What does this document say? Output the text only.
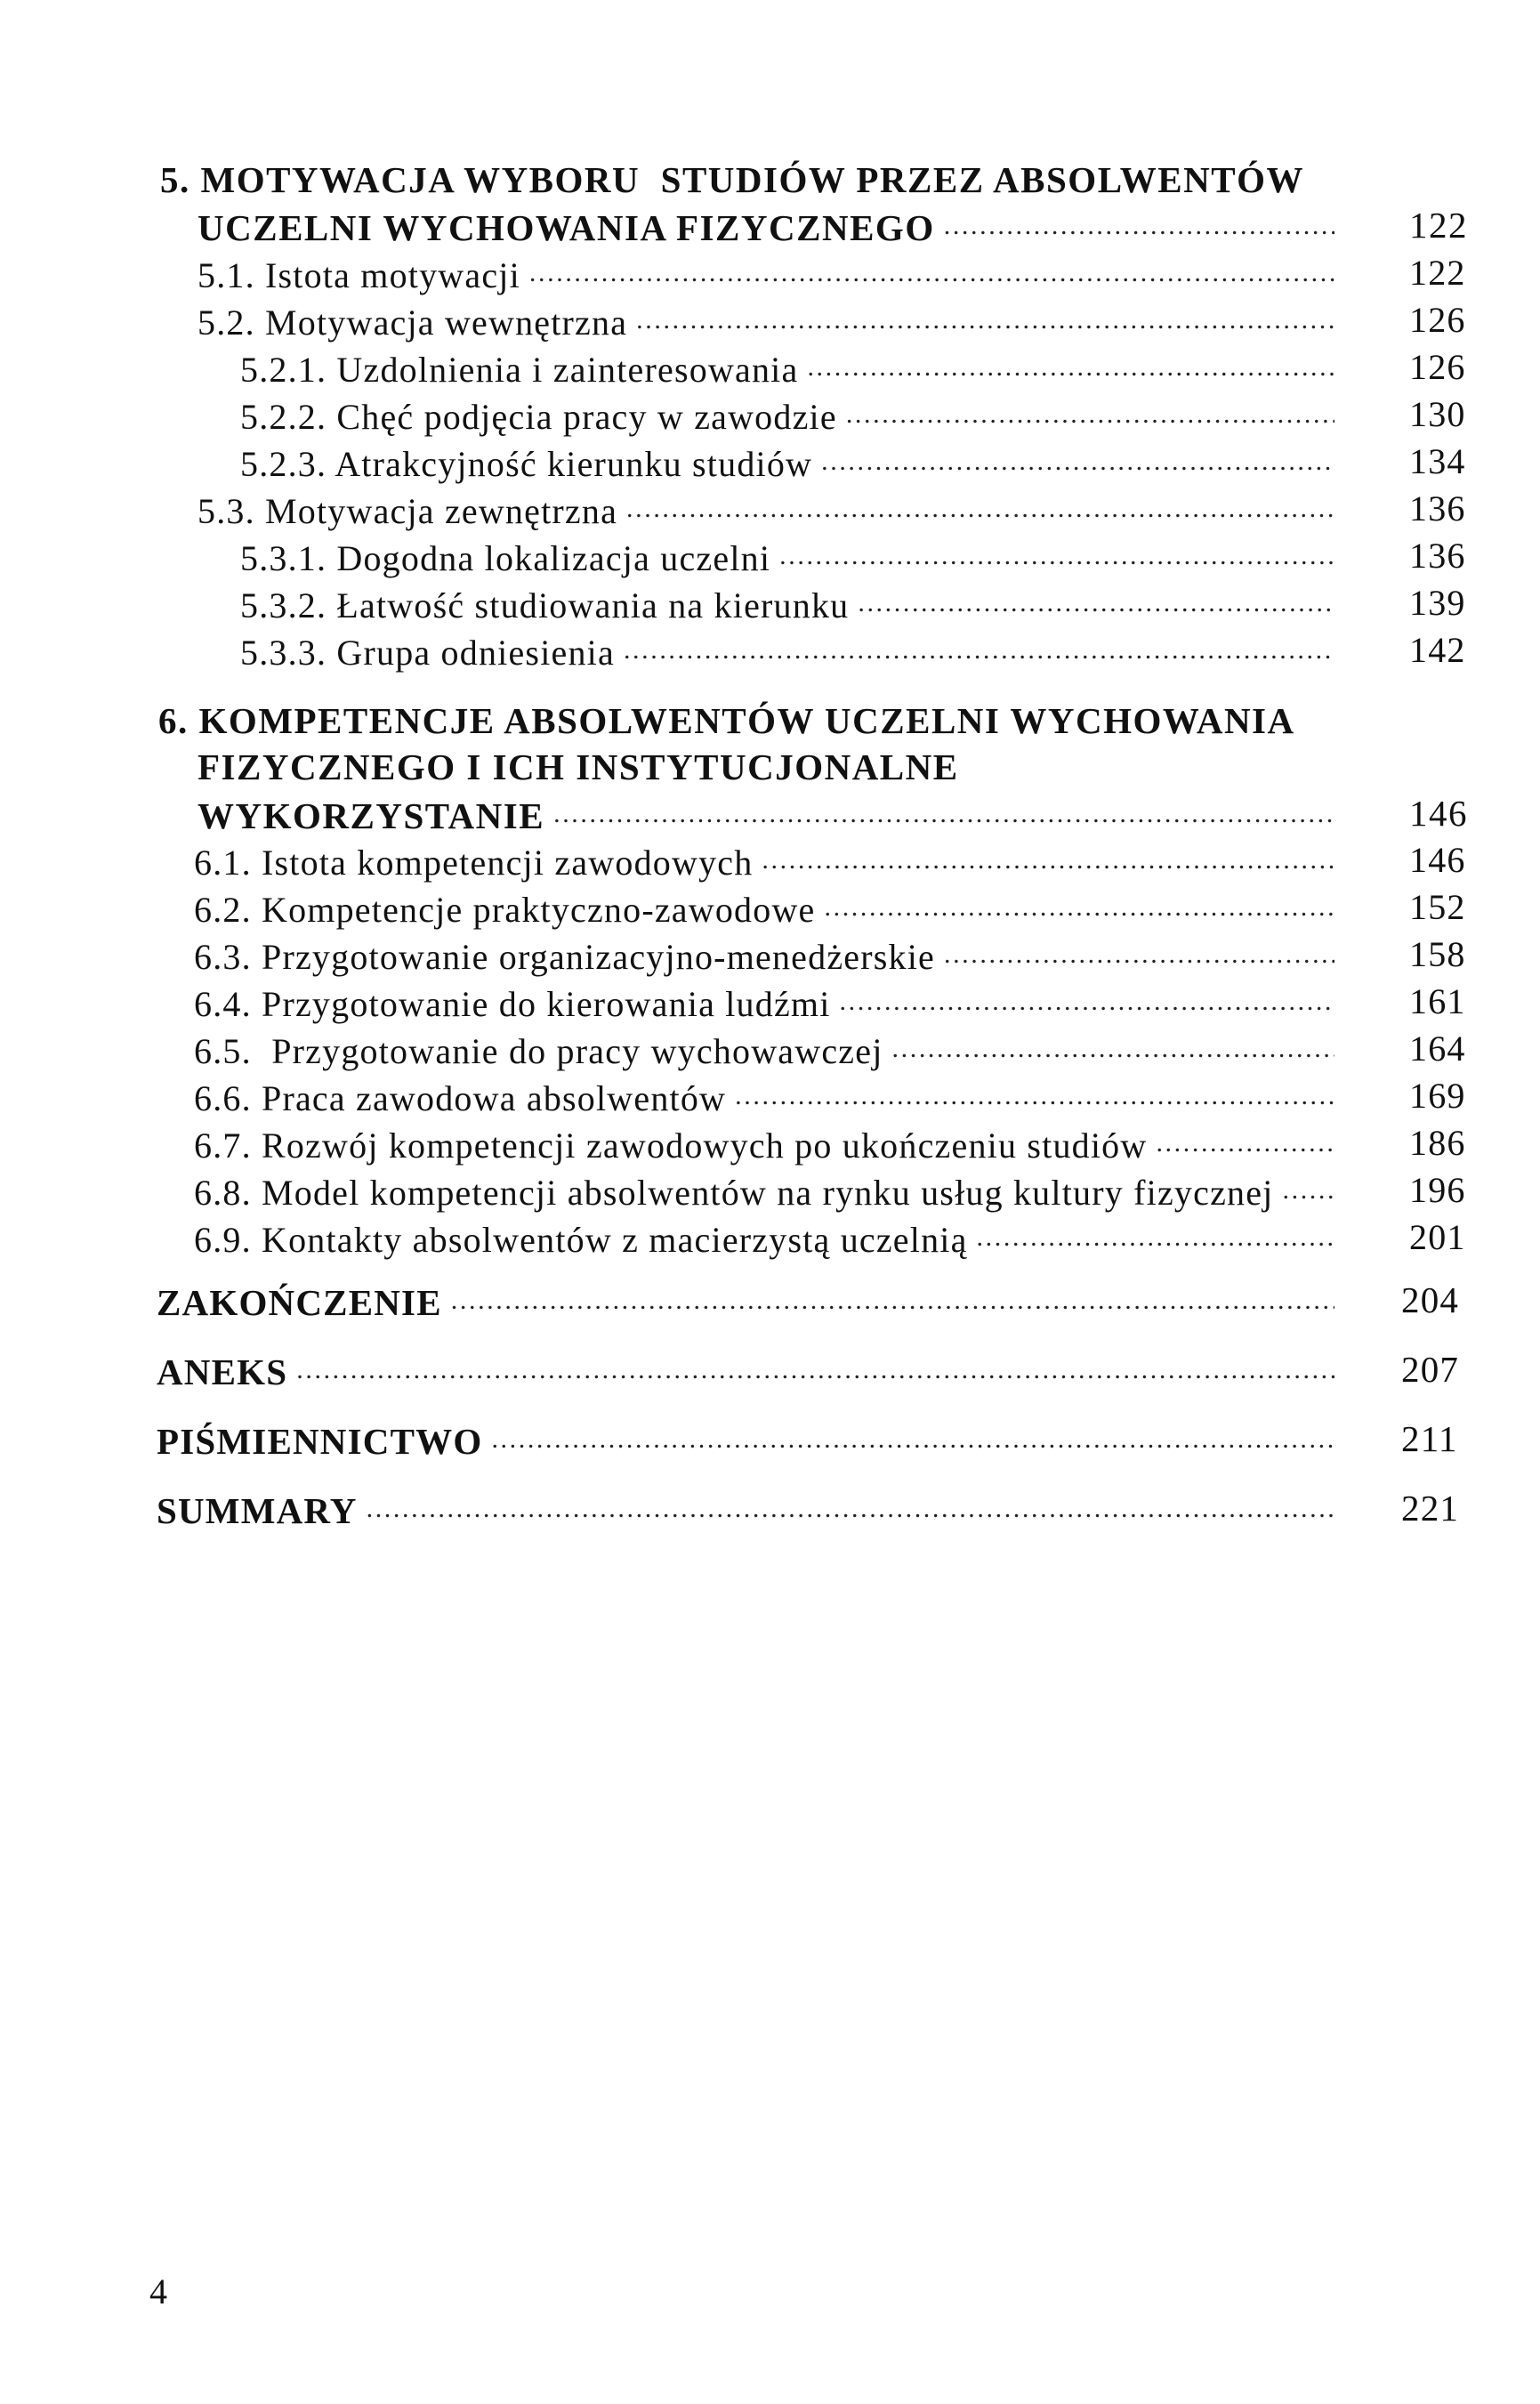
5. MOTYWACJA WYBORU  STUDIÓW PRZEZ ABSOLWENTÓW
UCZELNI WYCHOWANIA FIZYCZNEGO .....	122
5.1. Istota motywacji .....	122
5.2. Motywacja wewnętrzna .....	126
5.2.1. Uzdolnienia i zainteresowania .....	126
5.2.2. Chęć podjęcia pracy w zawodzie .....	130
5.2.3. Atrakcyjność kierunku studiów .....	134
5.3. Motywacja zewnętrzna .....	136
5.3.1. Dogodna lokalizacja uczelni .....	136
5.3.2. Łatwość studiowania na kierunku .....	139
5.3.3. Grupa odniesienia .....	142
6. KOMPETENCJE ABSOLWENTÓW UCZELNI WYCHOWANIA
FIZYCZNEGO I ICH INSTYTUCJONALNE
WYKORZYSTANIE .....	146
6.1. Istota kompetencji zawodowych .....	146
6.2. Kompetencje praktyczno-zawodowe .....	152
6.3. Przygotowanie organizacyjno-menedżerskie .....	158
6.4. Przygotowanie do kierowania ludźmi .....	161
6.5.  Przygotowanie do pracy wychowawczej .....	164
6.6. Praca zawodowa absolwentów .....	169
6.7. Rozwój kompetencji zawodowych po ukończeniu studiów .....	186
6.8. Model kompetencji absolwentów na rynku usług kultury fizycznej .....	196
6.9. Kontakty absolwentów z macierzystą uczelnią .....	201
ZAKOŃCZENIE .....	204
ANEKS .....	207
PIŚMIENNICTWO .....	211
SUMMARY .....	221
4
